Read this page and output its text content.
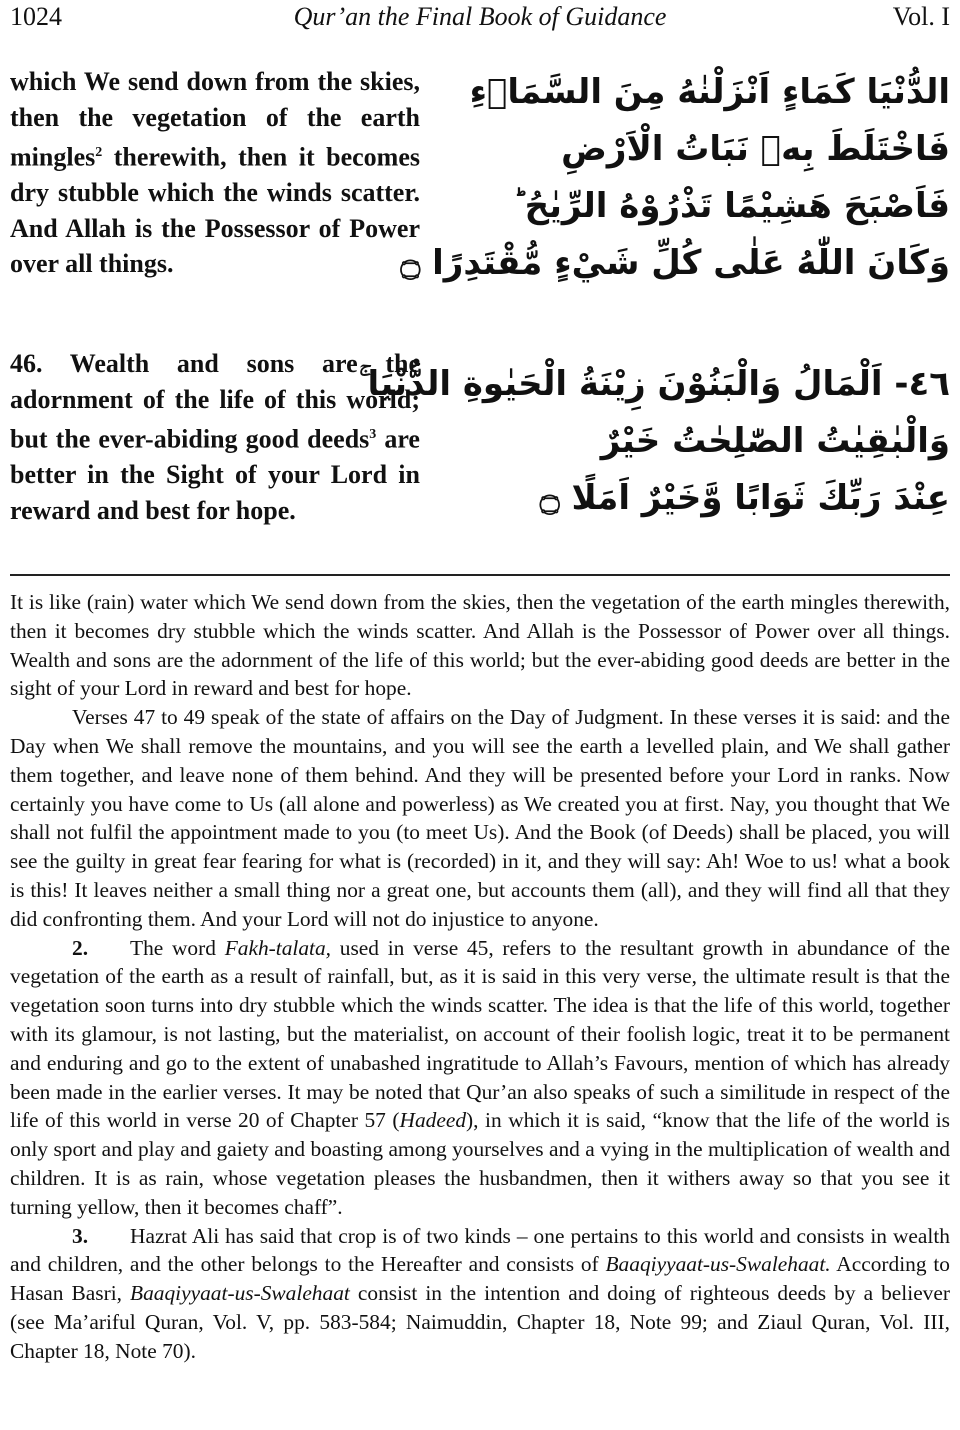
1024	Qur’an the Final Book of Guidance	Vol. I
which We send down from the skies, then the vegetation of the earth mingles$^2$ therewith, then it becomes dry stubble which the winds scatter. And Allah is the Possessor of Power over all things.
الدُّنْيَا كَمَاءٍ اَنْزَلْنٰهُ مِنَ السَّمَاۤءِ
فَاخْتَلَطَ بِهٖ نَبَاتُ الْاَرْضِ
فَاَصْبَحَ هَشِيْمًا تَذْرُوْهُ الرِّيٰحُ ؕ
وَكَانَ اللّٰهُ عَلٰى كُلِّ شَيْءٍ مُّقْتَدِرًا ۝
46. Wealth and sons are the adornment of the life of this world; but the ever-abiding good deeds$^3$ are better in the Sight of your Lord in reward and best for hope.
٤٦- اَلْمَالُ وَالْبَنُوْنَ زِيْنَةُ الْحَيٰوةِ الدُّنْيَا ۚ
وَالْبٰقِيٰتُ الصّٰلِحٰتُ خَيْرٌ
عِنْدَ رَبِّكَ ثَوَابًا وَّخَيْرٌ اَمَلًا ۝

It is like (rain) water which We send down from the skies, then the vegetation of the earth mingles therewith, then it becomes dry stubble which the winds scatter. And Allah is the Possessor of Power over all things. Wealth and sons are the adornment of the life of this world; but the ever-abiding good deeds are better in the sight of your Lord in reward and best for hope.

Verses 47 to 49 speak of the state of affairs on the Day of Judgment. In these verses it is said: and the Day when We shall remove the mountains, and you will see the earth a levelled plain, and We shall gather them together, and leave none of them behind. And they will be presented before your Lord in ranks. Now certainly you have come to Us (all alone and powerless) as We created you at first. Nay, you thought that We shall not fulfil the appointment made to you (to meet Us). And the Book (of Deeds) shall be placed, you will see the guilty in great fear fearing for what is (recorded) in it, and they will say: Ah! Woe to us! what a book is this! It leaves neither a small thing nor a great one, but accounts them (all), and they will find all that they did confronting them. And your Lord will not do injustice to anyone.

2. The word Fakh-talata, used in verse 45, refers to the resultant growth in abundance of the vegetation of the earth as a result of rainfall, but, as it is said in this very verse, the ultimate result is that the vegetation soon turns into dry stubble which the winds scatter. The idea is that the life of this world, together with its glamour, is not lasting, but the materialist, on account of their foolish logic, treat it to be permanent and enduring and go to the extent of unabashed ingratitude to Allah’s Favours, mention of which has already been made in the earlier verses. It may be noted that Qur’an also speaks of such a similitude in respect of the life of this world in verse 20 of Chapter 57 (Hadeed), in which it is said, “know that the life of the world is only sport and play and gaiety and boasting among yourselves and a vying in the multiplication of wealth and children. It is as rain, whose vegetation pleases the husbandmen, then it withers away so that you see it turning yellow, then it becomes chaff”.

3. Hazrat Ali has said that crop is of two kinds – one pertains to this world and consists in wealth and children, and the other belongs to the Hereafter and consists of Baaqiyyaat-us-Swalehaat. According to Hasan Basri, Baaqiyyaat-us-Swalehaat consist in the intention and doing of righteous deeds by a believer (see Ma’ariful Quran, Vol. V, pp. 583-584; Naimuddin, Chapter 18, Note 99; and Ziaul Quran, Vol. III, Chapter 18, Note 70).
